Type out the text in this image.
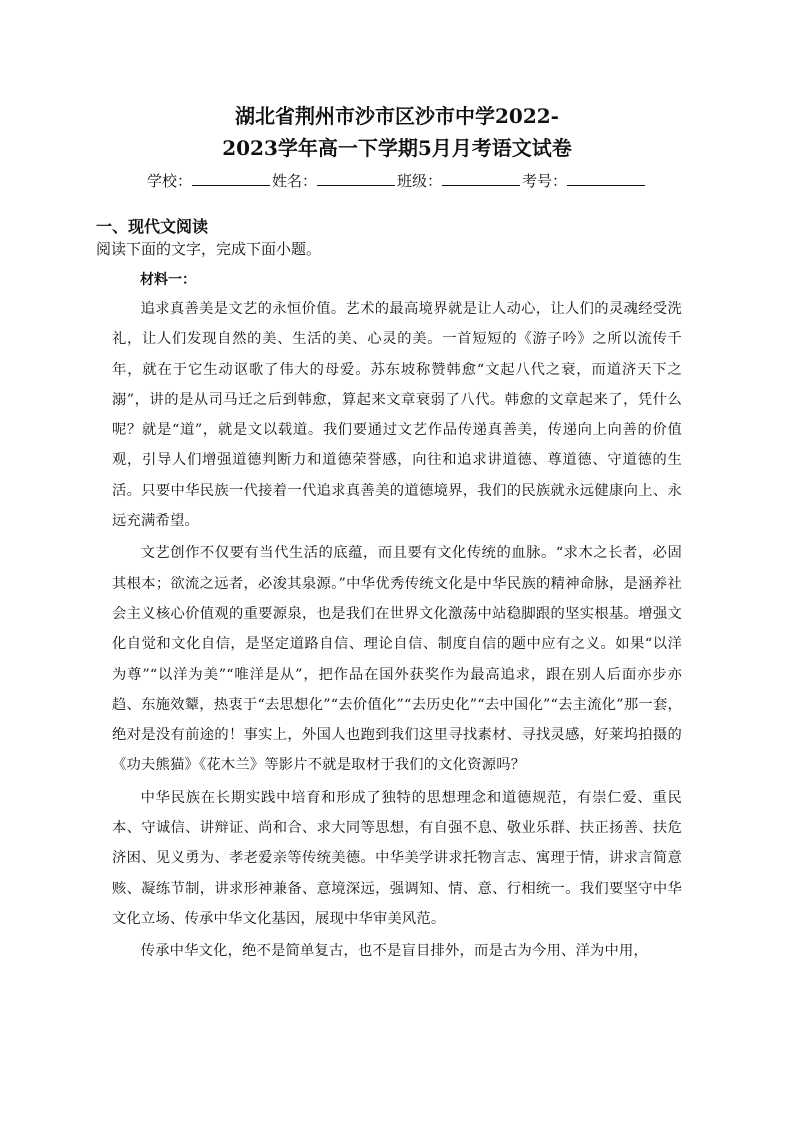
湖北省荆州市沙市区沙市中学2022-
2023学年高一下学期5月月考语文试卷
学校：	姓名：	班级：	考号：
一、现代文阅读
阅读下面的文字，完成下面小题。
材料一：

追求真善美是文艺的永恒价值。艺术的最高境界就是让人动心，让人们的灵魂经受洗礼，让人们发现自然的美、生活的美、心灵的美。一首短短的《游子吟》之所以流传千年，就在于它生动讴歌了伟大的母爱。苏东坡称赞韩愈“文起八代之衰，而道济天下之溺”，讲的是从司马迁之后到韩愈，算起来文章衰弱了八代。韩愈的文章起来了，凭什么呢？就是“道”，就是文以载道。我们要通过文艺作品传递真善美，传递向上向善的价值观，引导人们增强道德判断力和道德荣誉感，向往和追求讲道德、尊道德、守道德的生活。只要中华民族一代接着一代追求真善美的道德境界，我们的民族就永远健康向上、永远充满希望。

文艺创作不仅要有当代生活的底蕴，而且要有文化传统的血脉。“求木之长者，必固其根本；欲流之远者，必浚其泉源。”中华优秀传统文化是中华民族的精神命脉，是涵养社会主义核心价值观的重要源泉，也是我们在世界文化激荡中站稳脚跟的坚实根基。增强文化自觉和文化自信，是坚定道路自信、理论自信、制度自信的题中应有之义。如果“以洋为尊”“以洋为美”“唯洋是从”，把作品在国外获奖作为最高追求，跟在别人后面亦步亦趋、东施效颦，热衷于“去思想化”“去价值化”“去历史化”“去中国化”“去主流化”那一套，绝对是没有前途的！事实上，外国人也跑到我们这里寻找素材、寻找灵感，好莱坞拍摄的《功夫熊猫》《花木兰》等影片不就是取材于我们的文化资源吗？

中华民族在长期实践中培育和形成了独特的思想理念和道德规范，有崇仁爱、重民本、守诚信、讲辩证、尚和合、求大同等思想，有自强不息、敬业乐群、扶正扬善、扶危济困、见义勇为、孝老爱亲等传统美德。中华美学讲求托物言志、寓理于情，讲求言简意赅、凝练节制，讲求形神兼备、意境深远，强调知、情、意、行相统一。我们要坚守中华文化立场、传承中华文化基因，展现中华审美风范。

传承中华文化，绝不是简单复古，也不是盲目排外，而是古为今用、洋为中用，
